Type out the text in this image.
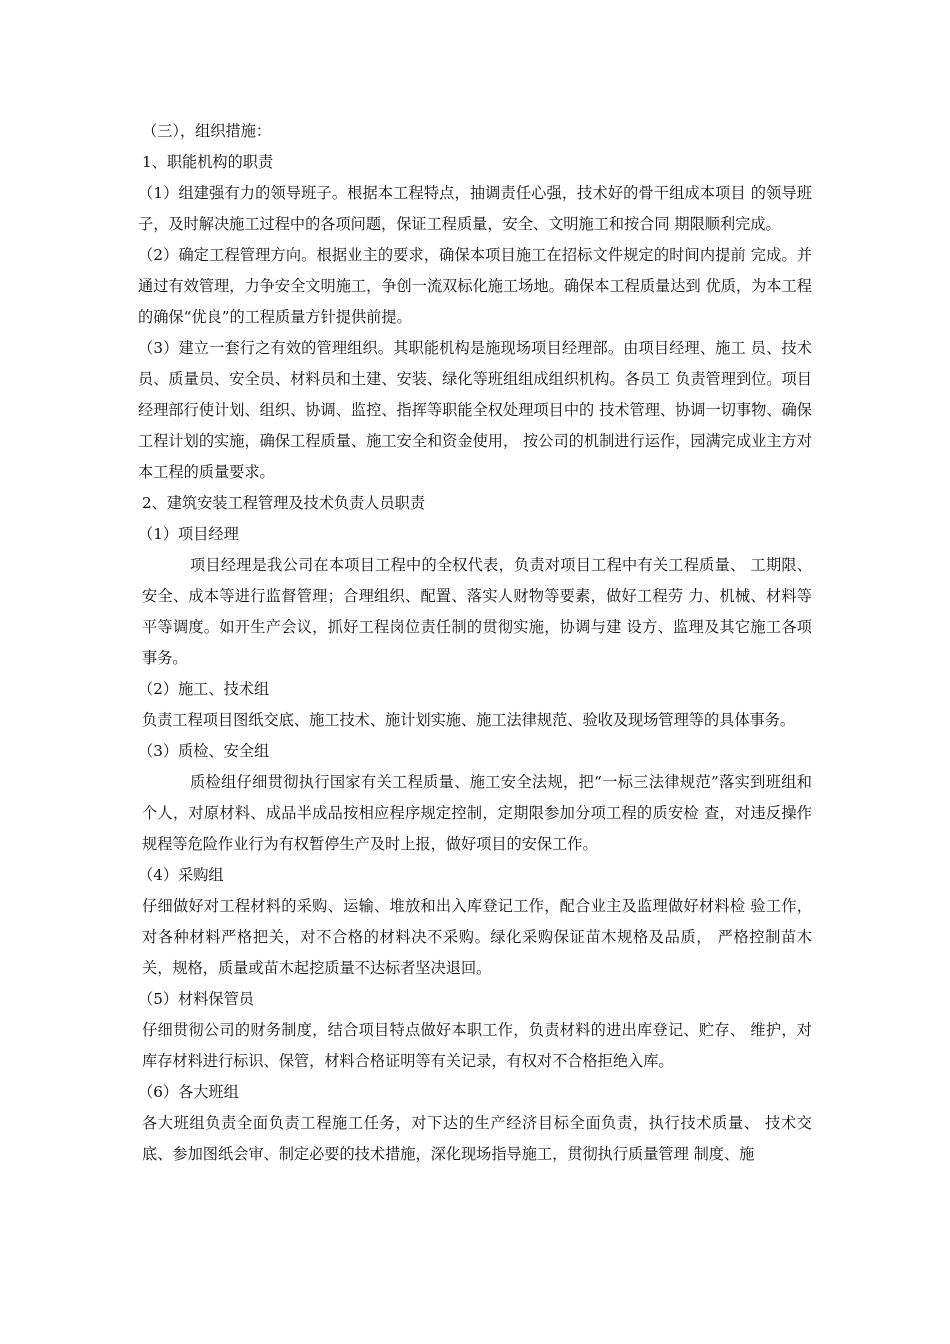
（三），组织措施：

1、职能机构的职责

（1）组建强有力的领导班子。根据本工程特点，抽调责任心强，技术好的骨干组成本项目 的领导班子，及时解决施工过程中的各项问题，保证工程质量，安全、文明施工和按合同 期限顺利完成。

（2）确定工程管理方向。根据业主的要求，确保本项目施工在招标文件规定的时间内提前 完成。并通过有效管理，力争安全文明施工，争创一流双标化施工场地。确保本工程质量达到 优质，为本工程的确保“优良”的工程质量方针提供前提。

（3）建立一套行之有效的管理组织。其职能机构是施现场项目经理部。由项目经理、施工 员、技术员、质量员、安全员、材料员和土建、安装、绿化等班组组成组织机构。各员工 负责管理到位。项目经理部行使计划、组织、协调、监控、指挥等职能全权处理项目中的 技术管理、协调一切事物、确保工程计划的实施，确保工程质量、施工安全和资金使用， 按公司的机制进行运作，园满完成业主方对本工程的质量要求。

2、建筑安装工程管理及技术负责人员职责

（1）项目经理

项目经理是我公司在本项目工程中的全权代表，负责对项目工程中有关工程质量、 工期限、安全、成本等进行监督管理；合理组织、配置、落实人财物等要素，做好工程劳 力、机械、材料等平等调度。如开生产会议，抓好工程岗位责任制的贯彻实施，协调与建 设方、监理及其它施工各项事务。

（2）施工、技术组

负责工程项目图纸交底、施工技术、施计划实施、施工法律规范、验收及现场管理等的具体事务。

（3）质检、安全组

质检组仔细贯彻执行国家有关工程质量、施工安全法规，把“一标三法律规范”落实到班组和个人，对原材料、成品半成品按相应程序规定控制，定期限参加分项工程的质安检 查，对违反操作规程等危险作业行为有权暂停生产及时上报，做好项目的安保工作。

（4）采购组

仔细做好对工程材料的采购、运输、堆放和出入库登记工作，配合业主及监理做好材料检 验工作，对各种材料严格把关，对不合格的材料决不采购。绿化采购保证苗木规格及品质， 严格控制苗木关，规格，质量或苗木起挖质量不达标者坚决退回。

（5）材料保管员

仔细贯彻公司的财务制度，结合项目特点做好本职工作，负责材料的进出库登记、贮存、 维护，对库存材料进行标识、保管，材料合格证明等有关记录，有权对不合格拒绝入库。

（6）各大班组

各大班组负责全面负责工程施工任务，对下达的生产经济目标全面负责，执行技术质量、 技术交底、参加图纸会审、制定必要的技术措施，深化现场指导施工，贯彻执行质量管理 制度、施
